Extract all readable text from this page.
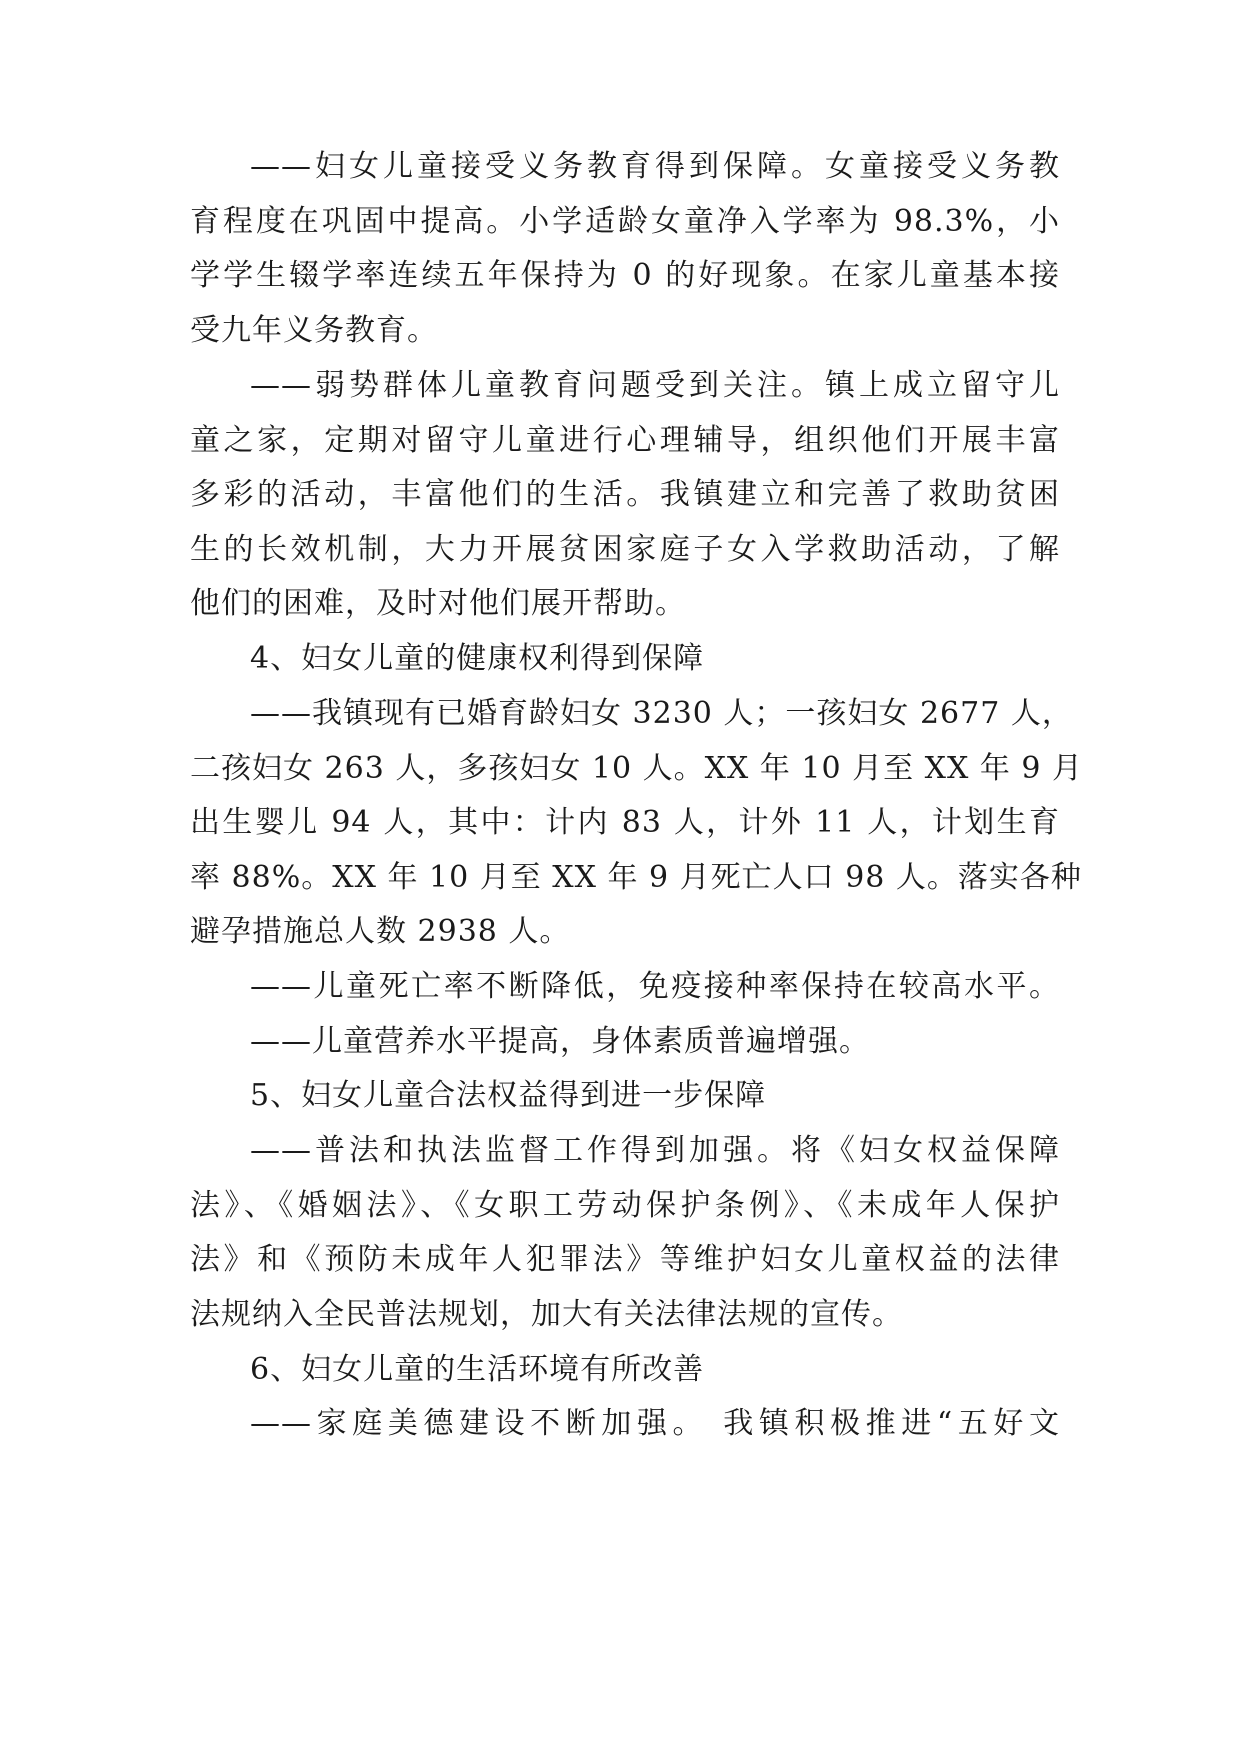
——妇女儿童接受义务教育得到保障。女童接受义务教

育程度在巩固中提高。小学适龄女童净入学率为 98.3%，小

学学生辍学率连续五年保持为 0 的好现象。在家儿童基本接

受九年义务教育。

——弱势群体儿童教育问题受到关注。镇上成立留守儿

童之家，定期对留守儿童进行心理辅导，组织他们开展丰富

多彩的活动，丰富他们的生活。我镇建立和完善了救助贫困

生的长效机制，大力开展贫困家庭子女入学救助活动，了解

他们的困难，及时对他们展开帮助。

4、妇女儿童的健康权利得到保障

——我镇现有已婚育龄妇女 3230 人；一孩妇女 2677 人，

二孩妇女 263 人，多孩妇女 10 人。XX 年 10 月至 XX 年 9 月

出生婴儿 94 人，其中：计内 83 人，计外 11 人，计划生育

率 88%。XX 年 10 月至 XX 年 9 月死亡人口 98 人。落实各种

避孕措施总人数 2938 人。

——儿童死亡率不断降低，免疫接种率保持在较高水平。

——儿童营养水平提高，身体素质普遍增强。

5、妇女儿童合法权益得到进一步保障

——普法和执法监督工作得到加强。将《妇女权益保障

法》、《婚姻法》、《女职工劳动保护条例》、《未成年人保护

法》和《预防未成年人犯罪法》等维护妇女儿童权益的法律

法规纳入全民普法规划，加大有关法律法规的宣传。

6、妇女儿童的生活环境有所改善

——家庭美德建设不断加强。 我镇积极推进“五好文
